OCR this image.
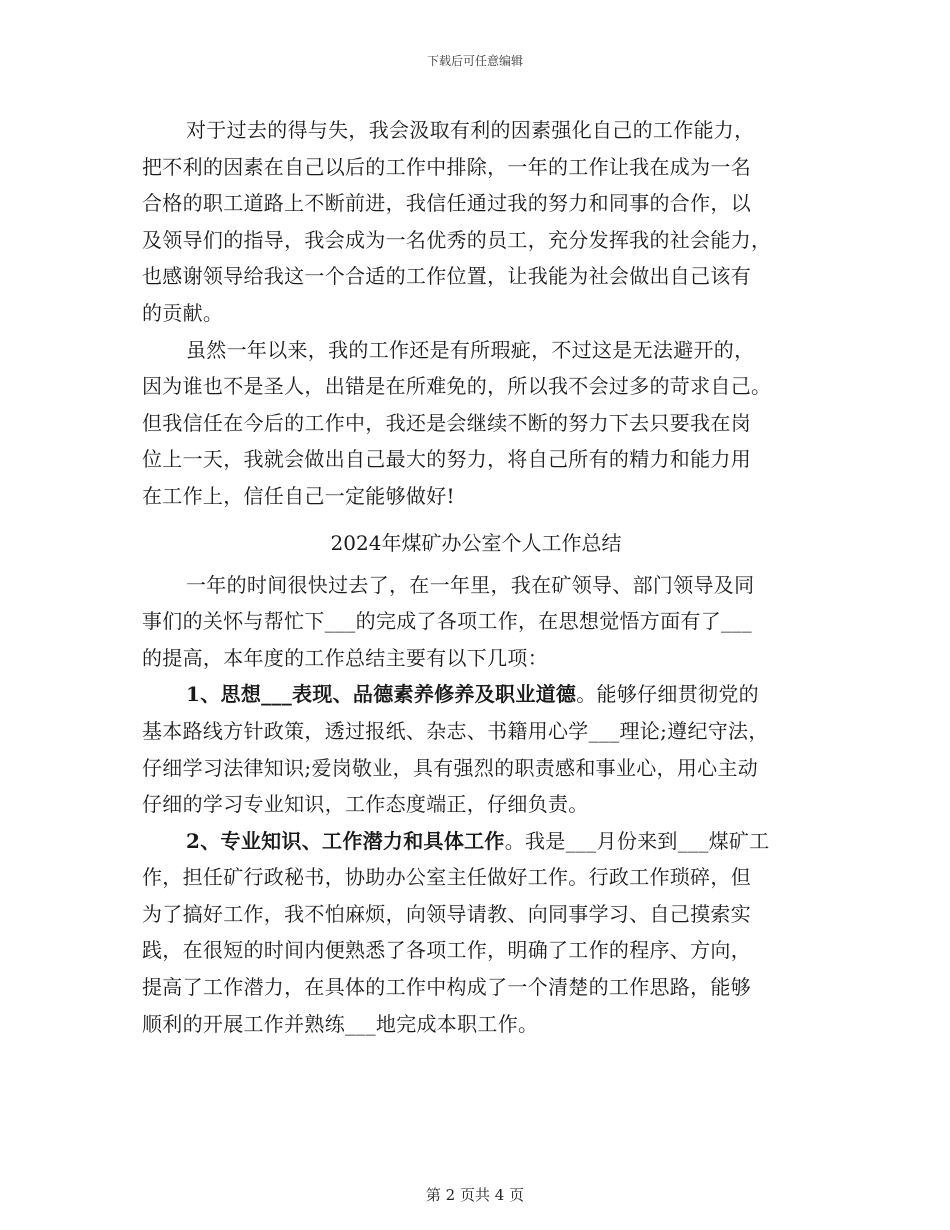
下载后可任意编辑
对于过去的得与失，我会汲取有利的因素强化自己的工作能力，
把不利的因素在自己以后的工作中排除，一年的工作让我在成为一名
合格的职工道路上不断前进，我信任通过我的努力和同事的合作，以
及领导们的指导，我会成为一名优秀的员工，充分发挥我的社会能力，
也感谢领导给我这一个合适的工作位置，让我能为社会做出自己该有
的贡献。
虽然一年以来，我的工作还是有所瑕疵，不过这是无法避开的，
因为谁也不是圣人，出错是在所难免的，所以我不会过多的苛求自己。
但我信任在今后的工作中，我还是会继续不断的努力下去只要我在岗
位上一天，我就会做出自己最大的努力，将自己所有的精力和能力用
在工作上，信任自己一定能够做好!
2024年煤矿办公室个人工作总结
一年的时间很快过去了，在一年里，我在矿领导、部门领导及同
事们的关怀与帮忙下___的完成了各项工作，在思想觉悟方面有了___
的提高，本年度的工作总结主要有以下几项：
1、思想___表现、品德素养修养及职业道德。能够仔细贯彻党的
基本路线方针政策，透过报纸、杂志、书籍用心学___理论;遵纪守法，
仔细学习法律知识;爱岗敬业，具有强烈的职责感和事业心，用心主动
仔细的学习专业知识，工作态度端正，仔细负责。
2、专业知识、工作潜力和具体工作。我是___月份来到___煤矿工
作，担任矿行政秘书，协助办公室主任做好工作。行政工作琐碎，但
为了搞好工作，我不怕麻烦，向领导请教、向同事学习、自己摸索实
践，在很短的时间内便熟悉了各项工作，明确了工作的程序、方向，
提高了工作潜力，在具体的工作中构成了一个清楚的工作思路，能够
顺利的开展工作并熟练___地完成本职工作。
第 2 页共 4 页
